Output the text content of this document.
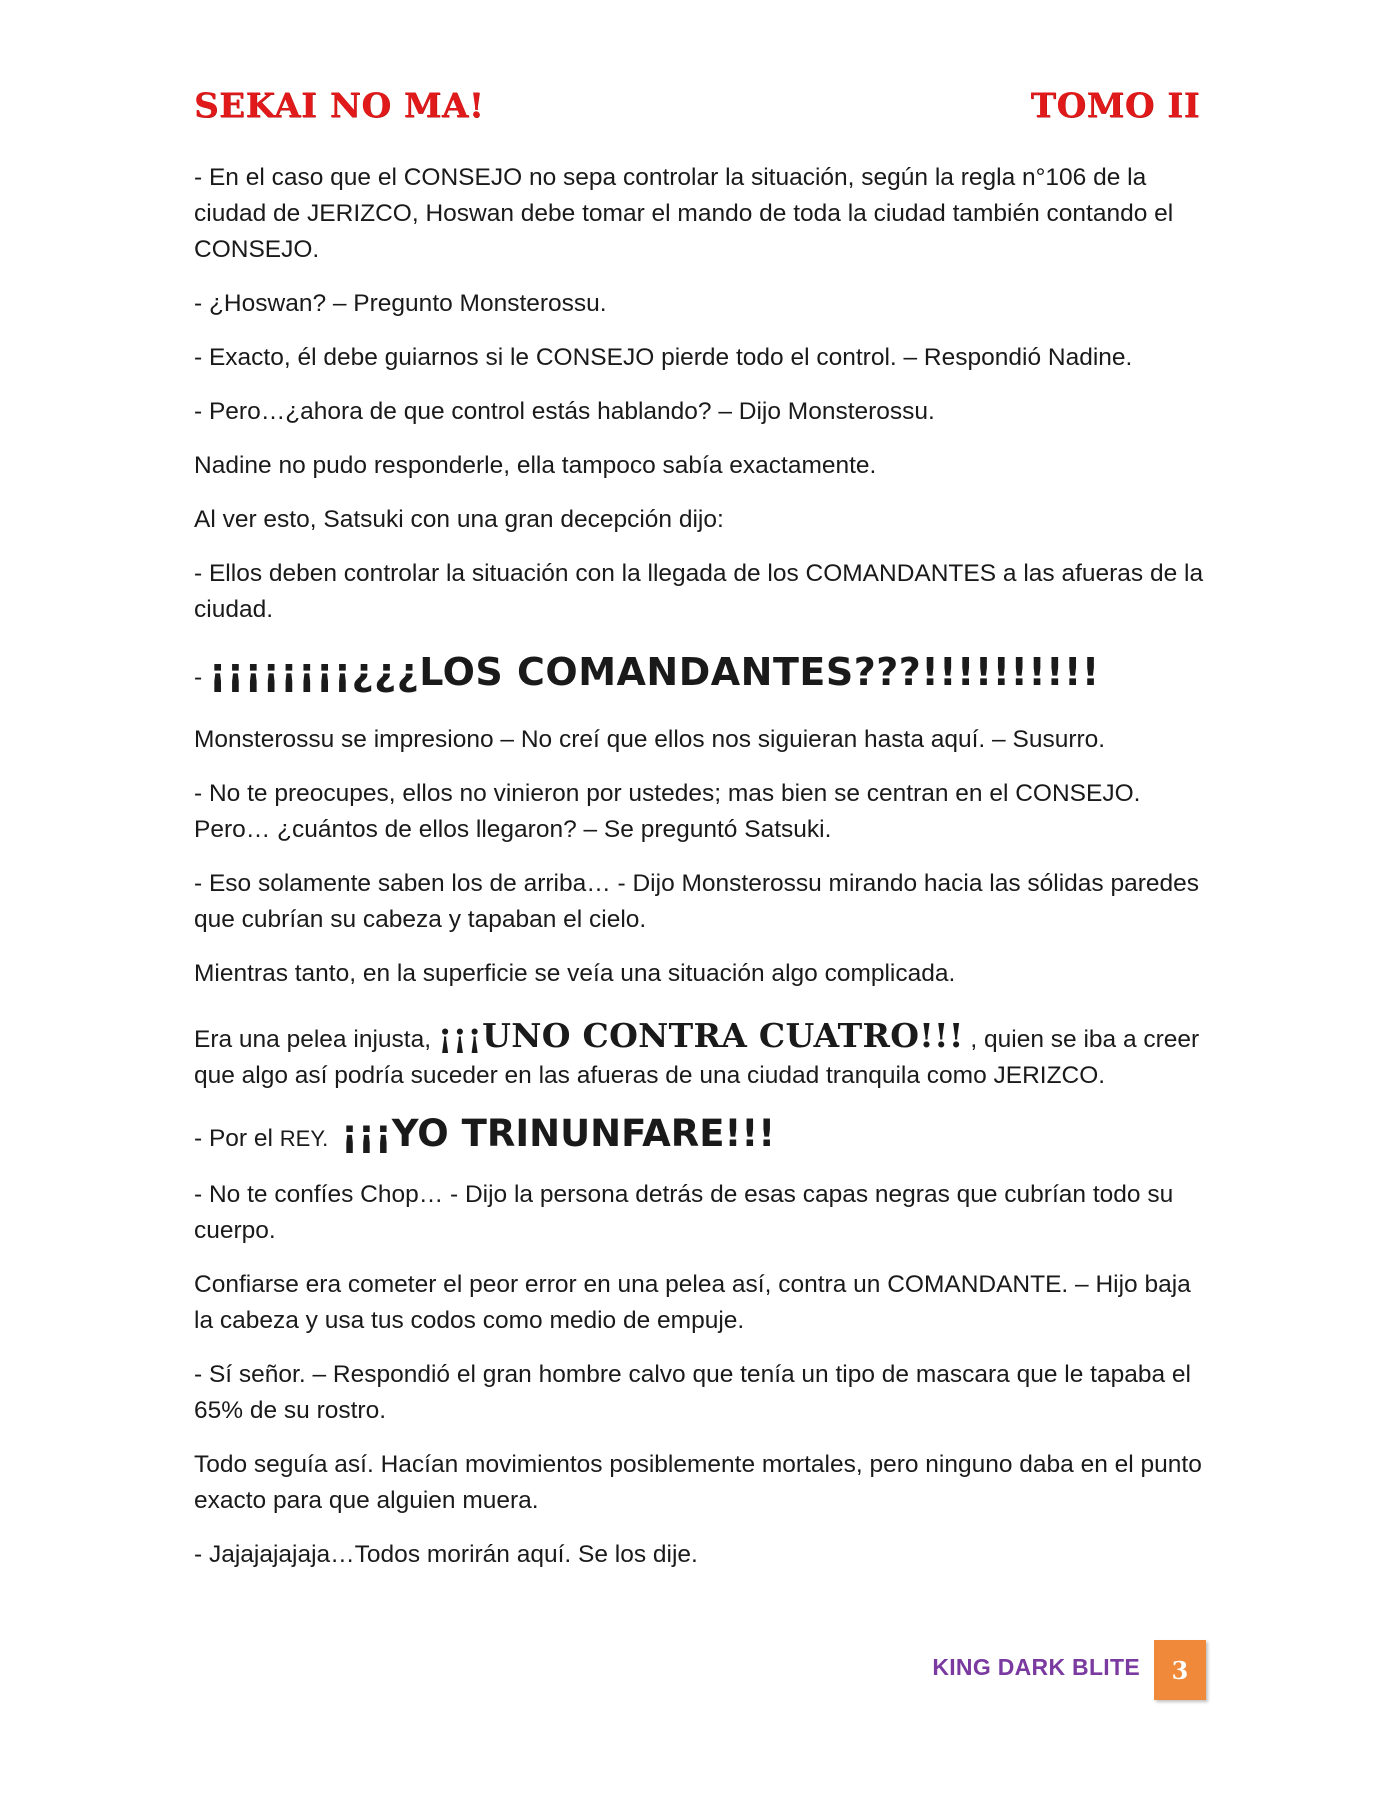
SEKAI NO MA!	TOMO II

- En el caso que el CONSEJO no sepa controlar la situación, según la regla n°106 de la ciudad de JERIZCO, Hoswan debe tomar el mando de toda la ciudad también contando el CONSEJO.

- ¿Hoswan? – Pregunto Monsterossu.

- Exacto, él debe guiarnos si le CONSEJO pierde todo el control. – Respondió Nadine.

- Pero…¿ahora de que control estás hablando? – Dijo Monsterossu.

Nadine no pudo responderle, ella tampoco sabía exactamente.

Al ver esto, Satsuki con una gran decepción dijo:

- Ellos deben controlar la situación con la llegada de los COMANDANTES a las afueras de la ciudad.

- ¡¡¡¡¡¡¡¡¿¿¿LOS COMANDANTES???!!!!!!!!!!

Monsterossu se impresiono – No creí que ellos nos siguieran hasta aquí. – Susurro.

- No te preocupes, ellos no vinieron por ustedes; mas bien se centran en el CONSEJO. Pero… ¿cuántos de ellos llegaron? – Se preguntó Satsuki.

- Eso solamente saben los de arriba… - Dijo Monsterossu mirando hacia las sólidas paredes que cubrían su cabeza y tapaban el cielo.

Mientras tanto, en la superficie se veía una situación algo complicada.

Era una pelea injusta, ¡¡¡UNO CONTRA CUATRO!!! , quien se iba a creer que algo así podría suceder en las afueras de una ciudad tranquila como JERIZCO.

- Por el REY. ¡¡¡YO TRINUNFARE!!!

- No te confíes Chop… - Dijo la persona detrás de esas capas negras que cubrían todo su cuerpo.

Confiarse era cometer el peor error en una pelea así, contra un COMANDANTE. – Hijo baja la cabeza y usa tus codos como medio de empuje.

- Sí señor. – Respondió el gran hombre calvo que tenía un tipo de mascara que le tapaba el 65% de su rostro.

Todo seguía así. Hacían movimientos posiblemente mortales, pero ninguno daba en el punto exacto para que alguien muera.

- Jajajajajaja…Todos morirán aquí. Se los dije.

KING DARK BLITE 3
